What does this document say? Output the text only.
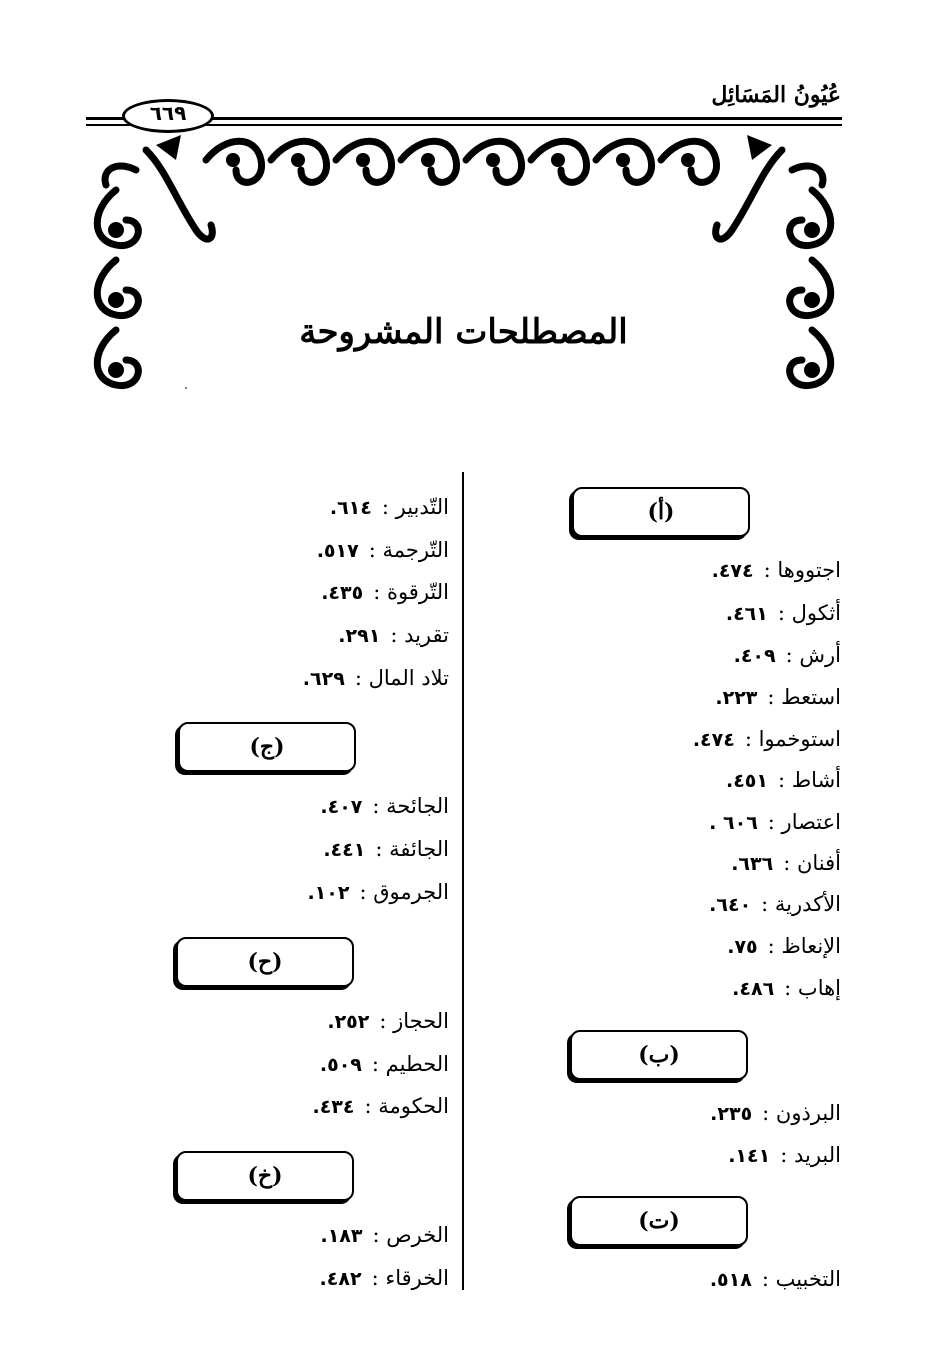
عُيُونُ المَسَائِل
٦٦٩
المصطلحات المشروحة
(أ)
اجتووها :٤٧٤.
أثكول :٤٦١.
أرش :٤٠٩.
استعط :٢٢٣.
استوخموا :٤٧٤.
أشاط :٤٥١.
اعتصار :٦٠٦ .
أفنان :٦٣٦.
الأكدرية :٦٤٠.
الإنعاظ :٧٥.
إهاب :٤٨٦.
(ب)
البرذون :٢٣٥.
البريد :١٤١.
(ت)
التخبيب :٥١٨.
التّدبير :٦١٤.
التّرجمة :٥١٧.
التّرقوة :٤٣٥.
تقريد :٢٩١.
تلاد المال :٦٢٩.
(ج)
الجائحة :٤٠٧.
الجائفة :٤٤١.
الجرموق :١٠٢.
(ح)
الحجاز :٢٥٢.
الحطيم :٥٠٩.
الحكومة :٤٣٤.
(خ)
الخرص :١٨٣.
الخرقاء :٤٨٢.
